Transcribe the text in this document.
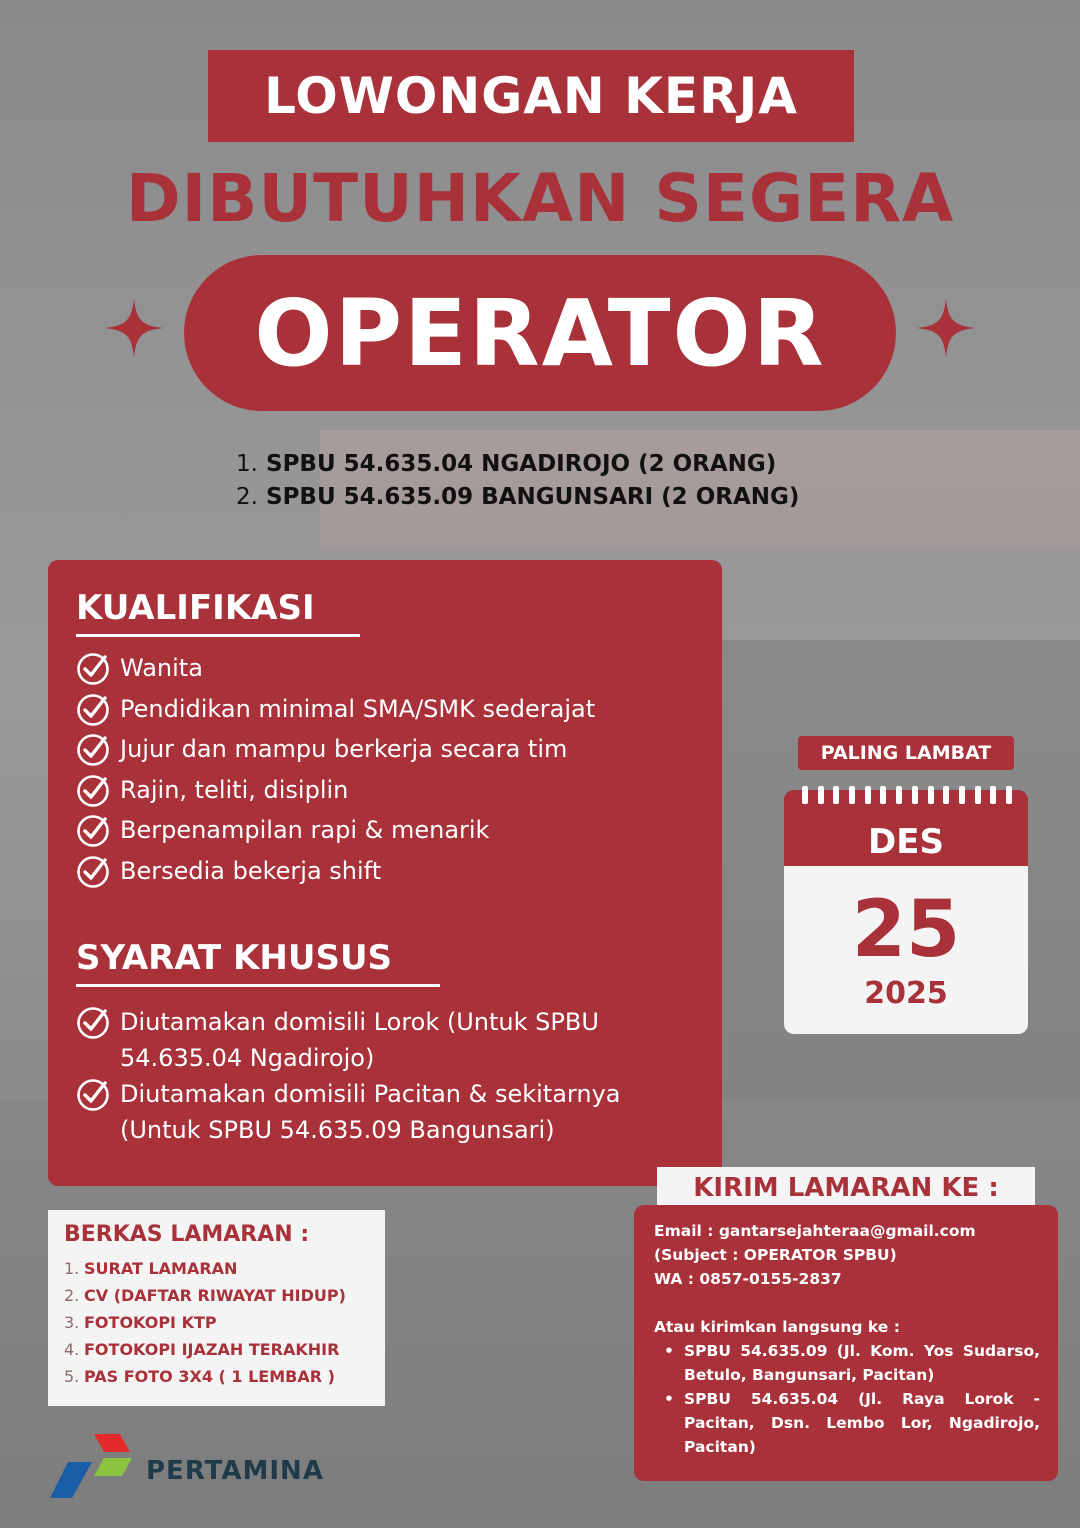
LOWONGAN KERJA
DIBUTUHKAN SEGERA
OPERATOR
1. SPBU 54.635.04 NGADIROJO (2 ORANG)
2. SPBU 54.635.09 BANGUNSARI (2 ORANG)
KUALIFIKASI
Wanita
Pendidikan minimal SMA/SMK sederajat
Jujur dan mampu berkerja secara tim
Rajin, teliti, disiplin
Berpenampilan rapi & menarik
Bersedia bekerja shift
SYARAT KHUSUS
Diutamakan domisili Lorok (Untuk SPBU
54.635.04 Ngadirojo)
Diutamakan domisili Pacitan & sekitarnya
(Untuk SPBU 54.635.09 Bangunsari)
PALING LAMBAT
DES
25
2025
KIRIM LAMARAN KE :
Email : gantarsejahteraa@gmail.com
(Subject : OPERATOR SPBU)
WA : 0857-0155-2837
Atau kirimkan langsung ke :
• SPBU 54.635.09 (Jl. Kom. Yos Sudarso, Betulo, Bangunsari, Pacitan)
• SPBU 54.635.04 (Jl. Raya Lorok - Pacitan, Dsn. Lembo Lor, Ngadirojo, Pacitan)
BERKAS LAMARAN :
1. SURAT LAMARAN
2. CV (DAFTAR RIWAYAT HIDUP)
3. FOTOKOPI KTP
4. FOTOKOPI IJAZAH TERAKHIR
5. PAS FOTO 3X4 ( 1 LEMBAR )
PERTAMINA
